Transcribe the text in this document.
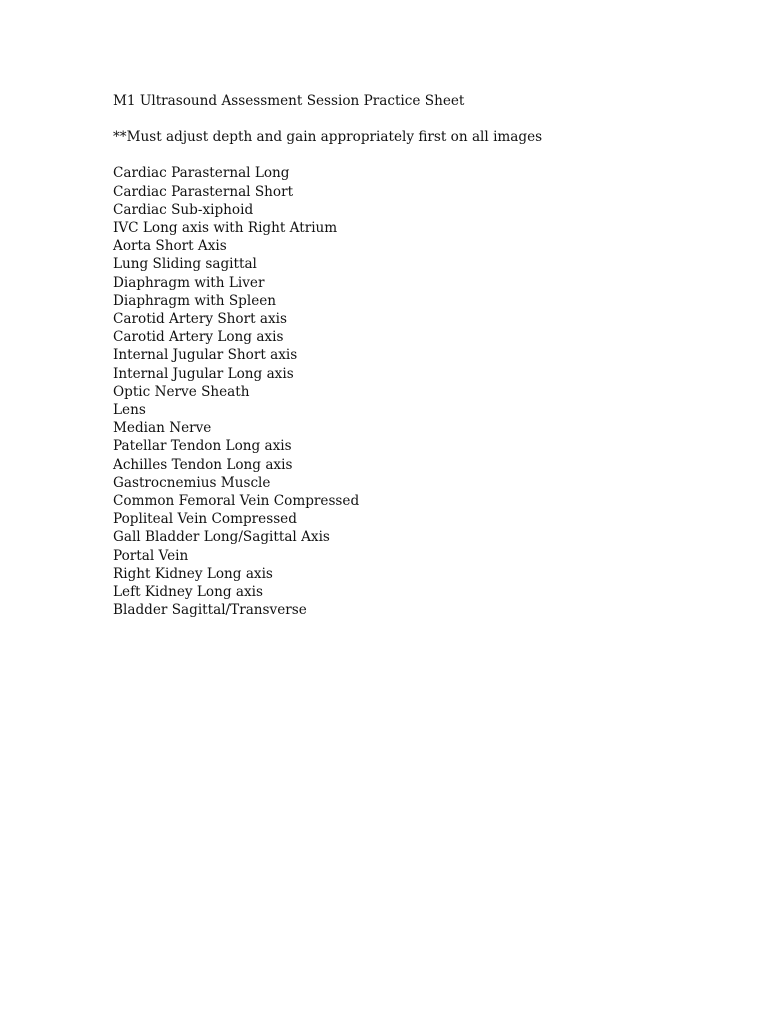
M1 Ultrasound Assessment Session Practice Sheet

**Must adjust depth and gain appropriately first on all images

Cardiac Parasternal Long
Cardiac Parasternal Short
Cardiac Sub-xiphoid
IVC Long axis with Right Atrium
Aorta Short Axis
Lung Sliding sagittal
Diaphragm with Liver
Diaphragm with Spleen
Carotid Artery Short axis
Carotid Artery Long axis
Internal Jugular Short axis
Internal Jugular Long axis
Optic Nerve Sheath
Lens
Median Nerve
Patellar Tendon Long axis
Achilles Tendon Long axis
Gastrocnemius Muscle
Common Femoral Vein Compressed
Popliteal Vein Compressed
Gall Bladder Long/Sagittal Axis
Portal Vein
Right Kidney Long axis
Left Kidney Long axis
Bladder Sagittal/Transverse
